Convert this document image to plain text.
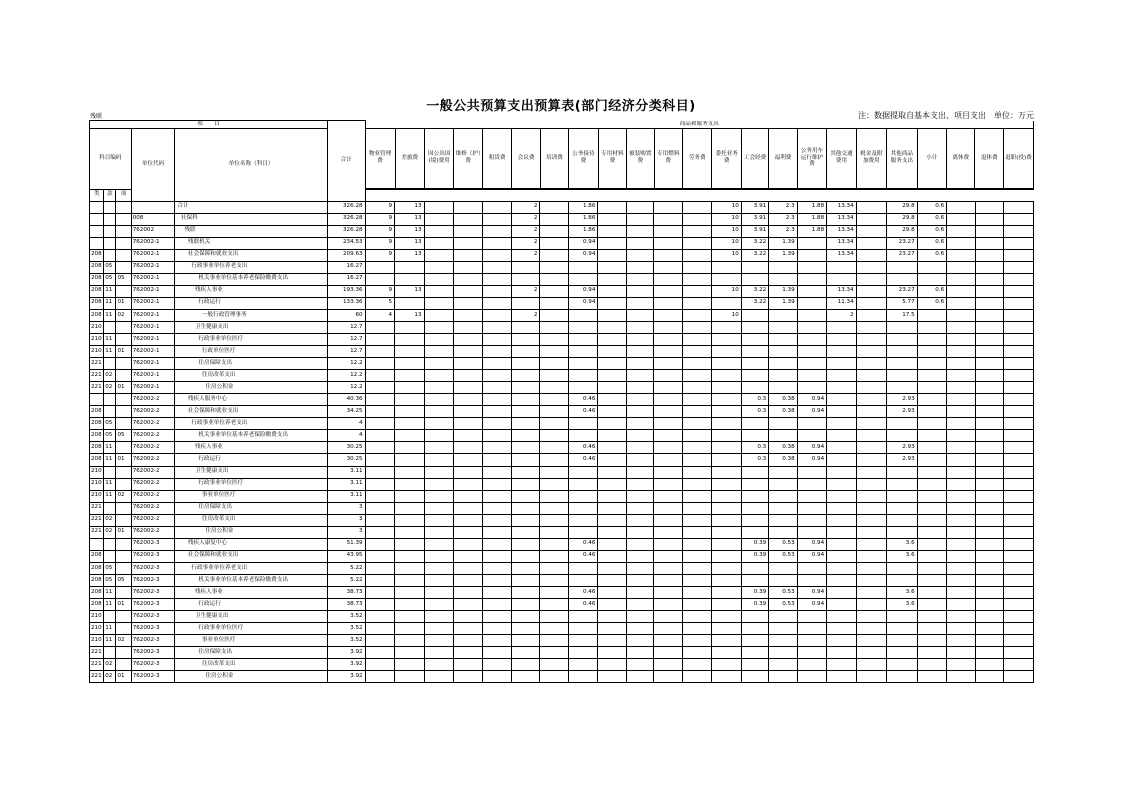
一般公共预算支出预算表(部门经济分类科目)
残联	注：数据提取自基本支出、项目支出　单位：万元
项　　目	合计	
商品和服务支出
物业管理费	差旅费	因公出国(境)费用	维修（护）费	租赁费	会议费	培训费	公务接待费	专用材料费	被装购置费	专用燃料费	劳务费	委托业务费	工会经费	福利费	公务用车运行维护费	其他交通费用	税金及附加费用	其他商品服务支出	小计	离休费	退休费	退职(役)费

科目编码	单位代码	单位名称（科目）
类	款	项
				合计	326.28	9	13				2		1.86					10	3.91	2.3	1.88	13.34		29.8	0.6			
			008	社保科	326.28	9	13				2		1.86					10	3.91	2.3	1.88	13.34		29.8	0.6			
			762002	残联	326.28	9	13				2		1.86					10	3.91	2.3	1.88	13.34		29.8	0.6			
			762002-1	残联机关	234.53	9	13				2		0.94					10	3.22	1.39		13.34		23.27	0.6			
208			762002-1	社会保障和就业支出	209.63	9	13				2		0.94					10	3.22	1.39		13.34		23.27	0.6			
208	05		762002-1	行政事业单位养老支出	16.27																							
208	05	05	762002-1	机关事业单位基本养老保险缴费支出	16.27																							
208	11		762002-1	残疾人事业	193.36	9	13				2		0.94					10	3.22	1.39		13.34		23.27	0.6			
208	11	01	762002-1	行政运行	133.36	5							0.94						3.22	1.39		11.34		5.77	0.6			
208	11	02	762002-1	一般行政管理事务	60	4	13				2							10				2		17.5				
210			762002-1	卫生健康支出	12.7																							
210	11		762002-1	行政事业单位医疗	12.7																							
210	11	01	762002-1	行政单位医疗	12.7																							
221			762002-1	住房保障支出	12.2																							
221	02		762002-1	住房改革支出	12.2																							
221	02	01	762002-1	住房公积金	12.2																							
			762002-2	残疾人服务中心	40.36								0.46						0.3	0.38	0.94			2.93				
208			762002-2	社会保障和就业支出	34.25								0.46						0.3	0.38	0.94			2.93				
208	05		762002-2	行政事业单位养老支出	4																							
208	05	05	762002-2	机关事业单位基本养老保险缴费支出	4																							
208	11		762002-2	残疾人事业	30.25								0.46						0.3	0.38	0.94			2.93				
208	11	01	762002-2	行政运行	30.25								0.46						0.3	0.38	0.94			2.93				
210			762002-2	卫生健康支出	3.11																							
210	11		762002-2	行政事业单位医疗	3.11																							
210	11	02	762002-2	事业单位医疗	3.11																							
221			762002-2	住房保障支出	3																							
221	02		762002-2	住房改革支出	3																							
221	02	01	762002-2	住房公积金	3																							
			762002-3	残疾人康复中心	51.39								0.46						0.39	0.53	0.94			3.6				
208			762002-3	社会保障和就业支出	43.95								0.46						0.39	0.53	0.94			3.6				
208	05		762002-3	行政事业单位养老支出	5.22																							
208	05	05	762002-3	机关事业单位基本养老保险缴费支出	5.22																							
208	11		762002-3	残疾人事业	38.73								0.46						0.39	0.53	0.94			3.6				
208	11	01	762002-3	行政运行	38.73								0.46						0.39	0.53	0.94			3.6				
210			762002-3	卫生健康支出	3.52																							
210	11		762002-3	行政事业单位医疗	3.52																							
210	11	02	762002-3	事业单位医疗	3.52																							
221			762002-3	住房保障支出	3.92																							
221	02		762002-3	住房改革支出	3.92																							
221	02	01	762002-3	住房公积金	3.92																							
